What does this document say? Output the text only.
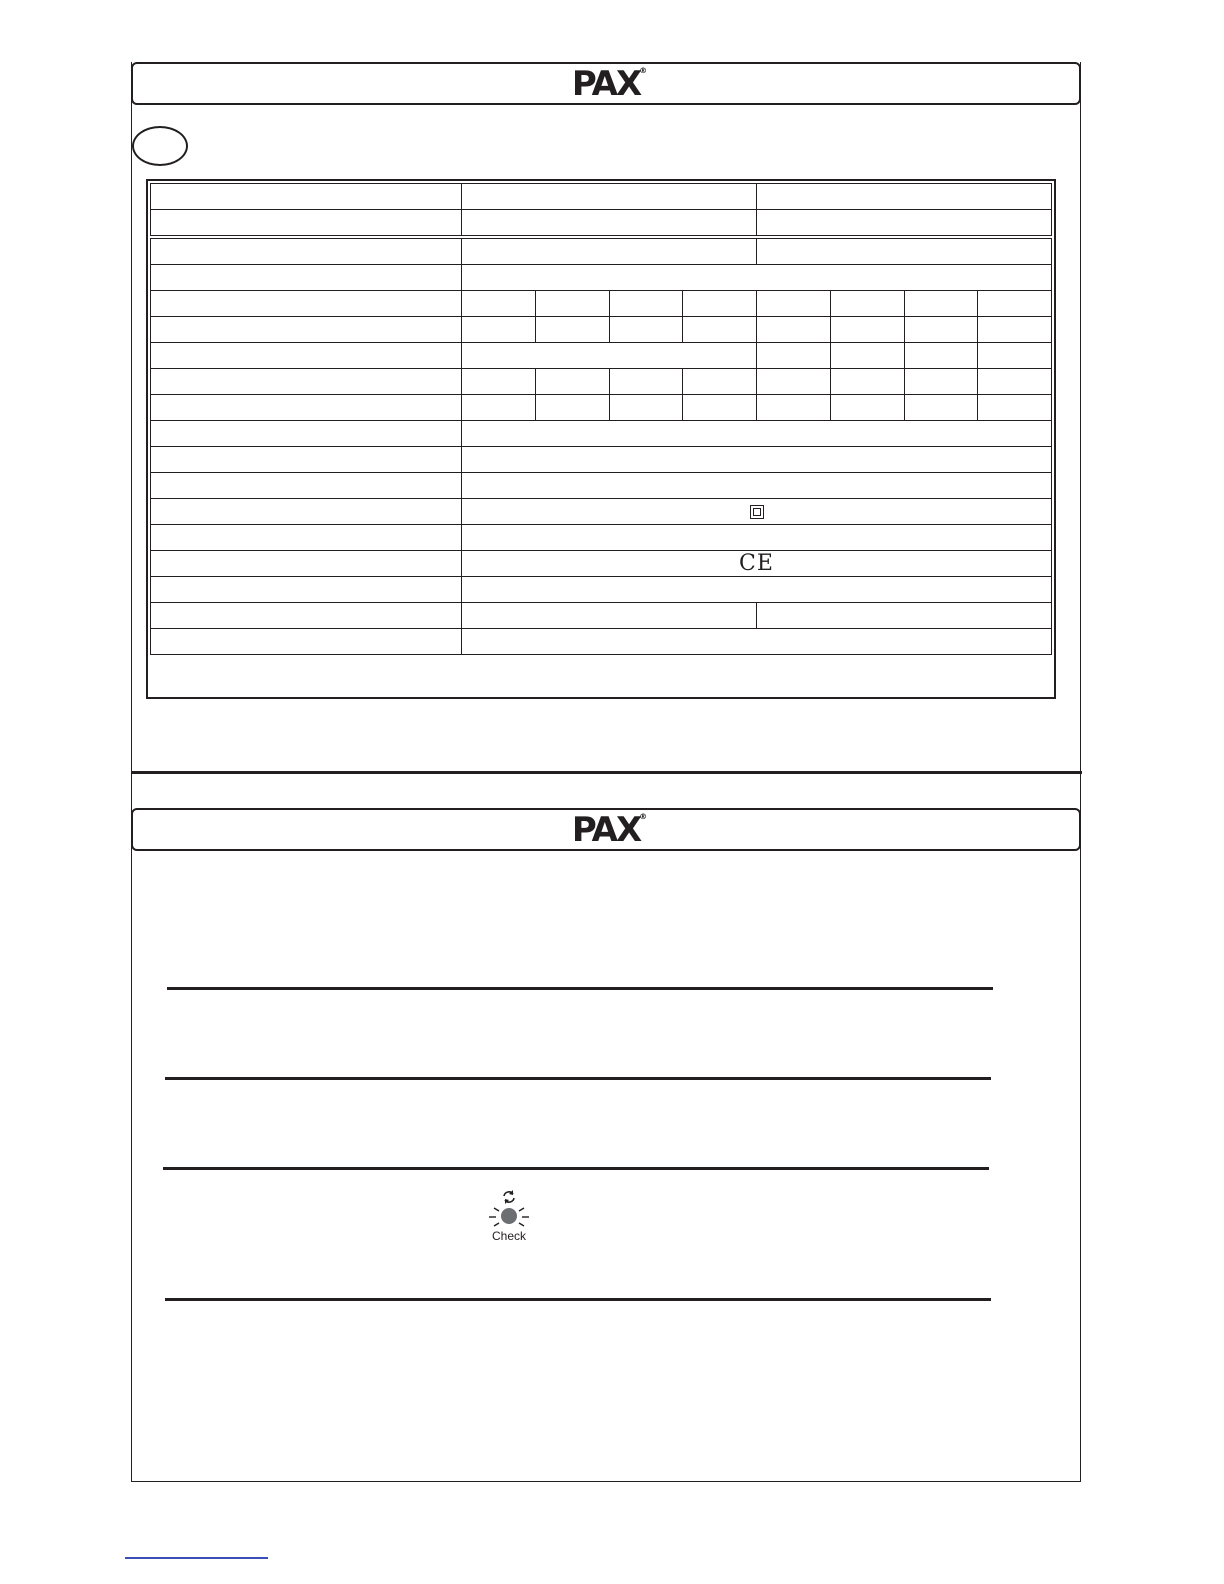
PAX ®

	CE							

PAX ®
Check
